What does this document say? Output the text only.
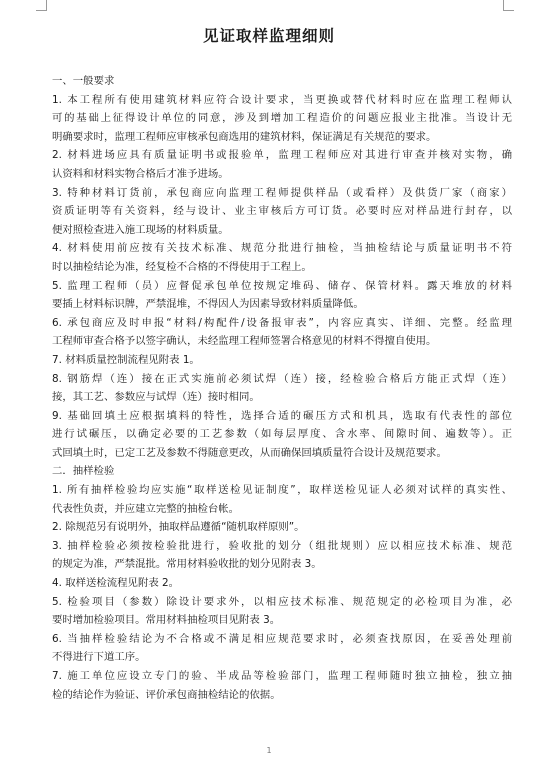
见证取样监理细则
一、一般要求
1. 本工程所有使用建筑材料应符合设计要求，当更换或替代材料时应在监理工程师认
可的基础上征得设计单位的同意，涉及到增加工程造价的问题应报业主批准。当设计无
明确要求时，监理工程师应审核承包商选用的建筑材料，保证满足有关规范的要求。
2. 材料进场应具有质量证明书或报验单，监理工程师应对其进行审查并核对实物，确
认资料和材料实物合格后才准予进场。
3. 特种材料订货前，承包商应向监理工程师提供样品（或看样）及供货厂家（商家）
资质证明等有关资料，经与设计、业主审核后方可订货。必要时应对样品进行封存，以
便对照检查进入施工现场的材料质量。
4. 材料使用前应按有关技术标准、规范分批进行抽检，当抽检结论与质量证明书不符
时以抽检结论为准，经复检不合格的不得使用于工程上。
5. 监理工程师（员）应督促承包单位按规定堆码、储存、保管材料。露天堆放的材料
要插上材料标识牌，严禁混堆，不得因人为因素导致材料质量降低。
6. 承包商应及时申报“材料/构配件/设备报审表”，内容应真实、详细、完整。经监理
工程师审查合格予以签字确认，未经监理工程师签署合格意见的材料不得擅自使用。
7. 材料质量控制流程见附表 1。
8. 钢筋焊（连）接在正式实施前必须试焊（连）接，经检验合格后方能正式焊（连）
接，其工艺、参数应与试焊（连）接时相同。
9. 基础回填土应根据填料的特性，选择合适的碾压方式和机具，选取有代表性的部位
进行试碾压，以确定必要的工艺参数（如每层厚度、含水率、间隙时间、遍数等）。正
式回填土时，已定工艺及参数不得随意更改，从而确保回填质量符合设计及规范要求。
二．抽样检验
1. 所有抽样检验均应实施“取样送检见证制度”，取样送检见证人必须对试样的真实性、
代表性负责，并应建立完整的抽检台帐。
2. 除规范另有说明外，抽取样品遵循“随机取样原则”。
3. 抽样检验必须按检验批进行，验收批的划分（组批规则）应以相应技术标准、规范
的规定为准，严禁混批。常用材料验收批的划分见附表 3。
4. 取样送检流程见附表 2。
5. 检验项目（参数）除设计要求外，以相应技术标准、规范规定的必检项目为准，必
要时增加检验项目。常用材料抽检项目见附表 3。
6. 当抽样检验结论为不合格或不满足相应规范要求时，必须查找原因，在妥善处理前
不得进行下道工序。
7. 施工单位应设立专门的验、半成品等检验部门，监理工程师随时独立抽检，独立抽
检的结论作为验证、评价承包商抽检结论的依据。
1
